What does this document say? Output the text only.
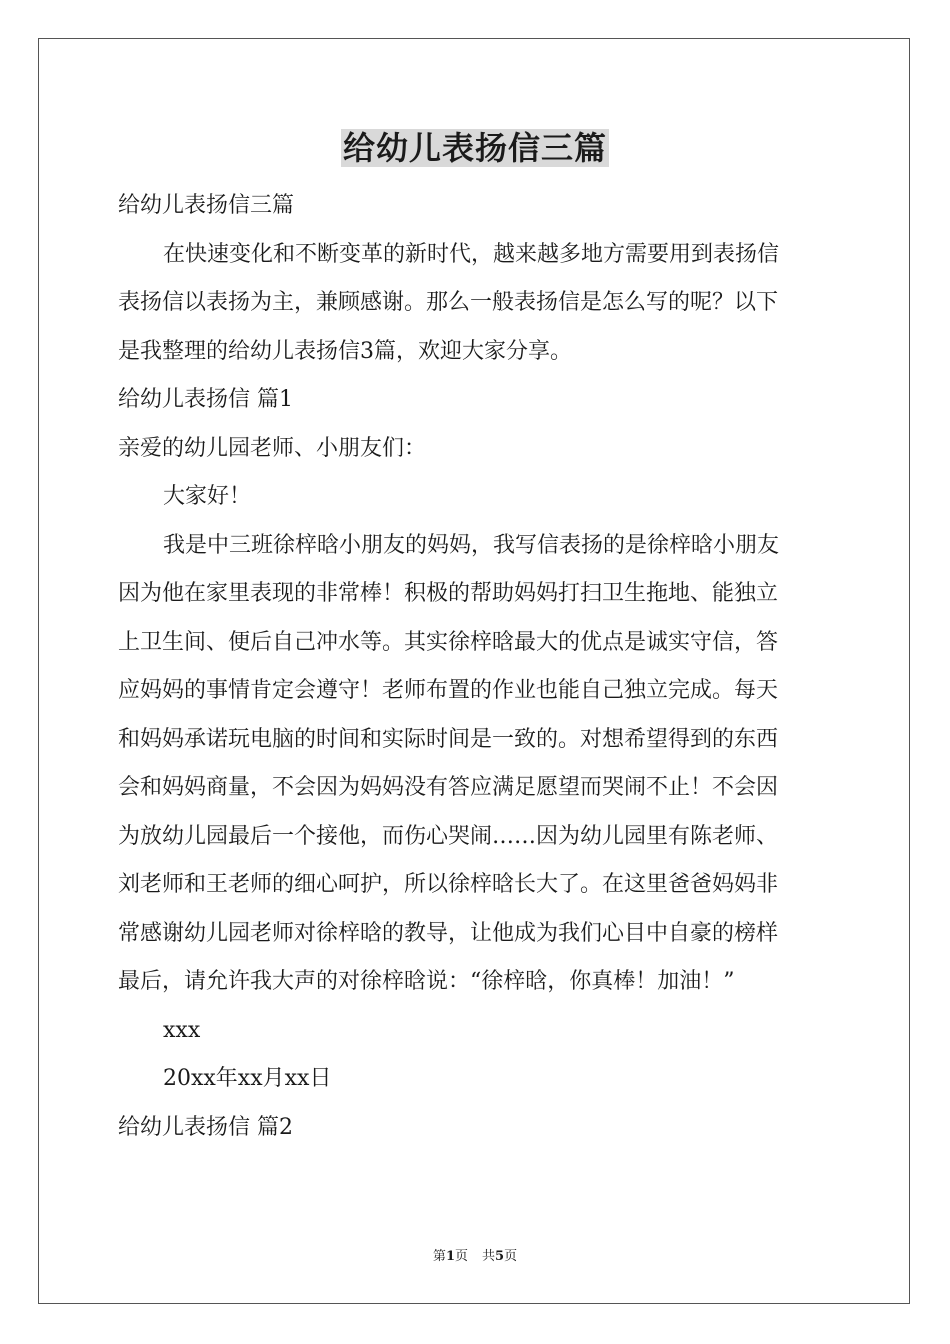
给幼儿表扬信三篇

给幼儿表扬信三篇

在快速变化和不断变革的新时代，越来越多地方需要用到表扬信

表扬信以表扬为主，兼顾感谢。那么一般表扬信是怎么写的呢？以下

是我整理的给幼儿表扬信3篇，欢迎大家分享。

给幼儿表扬信 篇1

亲爱的幼儿园老师、小朋友们：

大家好！

我是中三班徐梓晗小朋友的妈妈，我写信表扬的是徐梓晗小朋友

因为他在家里表现的非常棒！积极的帮助妈妈打扫卫生拖地、能独立

上卫生间、便后自己冲水等。其实徐梓晗最大的优点是诚实守信，答

应妈妈的事情肯定会遵守！老师布置的作业也能自己独立完成。每天

和妈妈承诺玩电脑的时间和实际时间是一致的。对想希望得到的东西

会和妈妈商量，不会因为妈妈没有答应满足愿望而哭闹不止！不会因

为放幼儿园最后一个接他，而伤心哭闹……因为幼儿园里有陈老师、

刘老师和王老师的细心呵护，所以徐梓晗长大了。在这里爸爸妈妈非

常感谢幼儿园老师对徐梓晗的教导，让他成为我们心目中自豪的榜样

最后，请允许我大声的对徐梓晗说：“徐梓晗，你真棒！加油！”

xxx

20xx年xx月xx日

给幼儿表扬信 篇2

第1页 共5页
